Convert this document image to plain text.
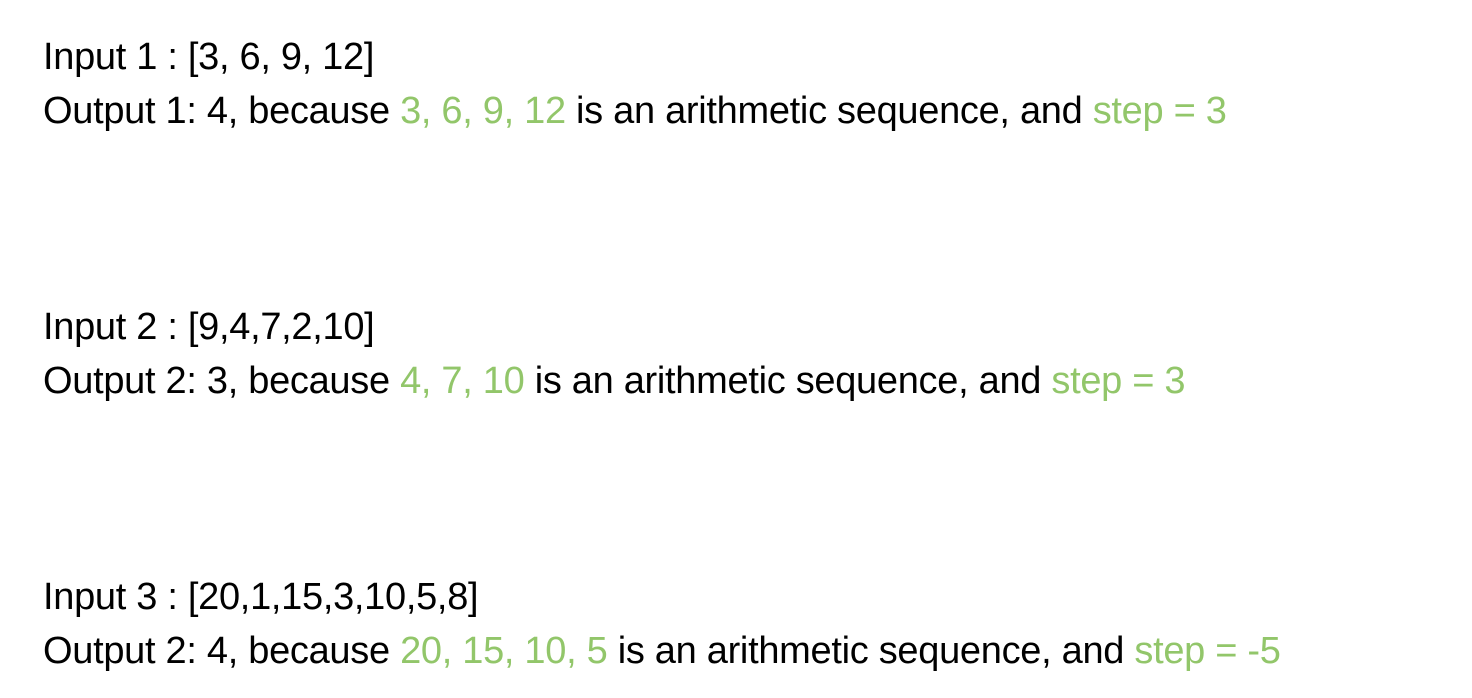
Input 1 : [3, 6, 9, 12]
Output 1: 4, because 3, 6, 9, 12 is an arithmetic sequence, and step = 3
Input 2 : [9,4,7,2,10]
Output 2: 3, because 4, 7, 10 is an arithmetic sequence, and step = 3
Input 3 : [20,1,15,3,10,5,8]
Output 2: 4, because 20, 15, 10, 5 is an arithmetic sequence, and step = -5
